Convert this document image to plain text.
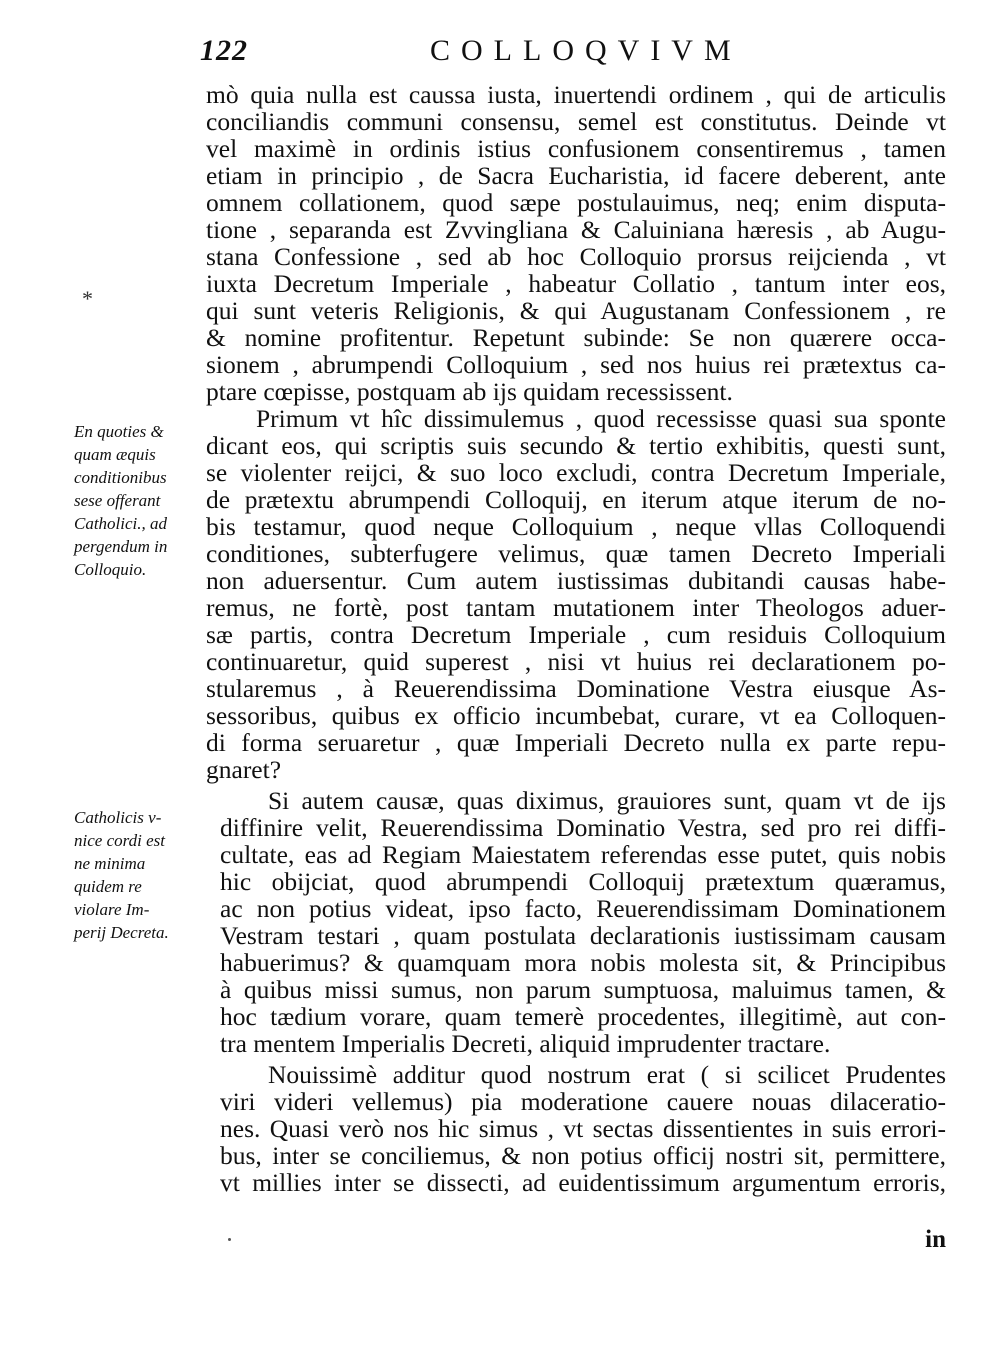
122	COLLOQVIVM
*
En quoties &
quam æquis
conditionibus
sese offerant
Catholici., ad
pergendum in
Colloquio.
Catholicis v-
nice cordi est
ne minima
quidem re
violare Im-
perij Decreta.
mò quia nulla est caussa iusta, inuertendi ordinem , qui de articulis
conciliandis communi consensu, semel est constitutus. Deinde vt
vel maximè in ordinis istius confusionem consentiremus , tamen
etiam in principio , de Sacra Eucharistia, id facere deberent, ante
omnem collationem, quod sæpe postulauimus, neq; enim disputa-
tione , separanda est Zvvingliana & Caluiniana hæresis , ab Augu-
stana Confessione , sed ab hoc Colloquio prorsus reijcienda , vt
iuxta Decretum Imperiale , habeatur Collatio , tantum inter eos,
qui sunt veteris Religionis, & qui Augustanam Confessionem , re
& nomine profitentur. Repetunt subinde: Se non quærere occa-
sionem , abrumpendi Colloquium , sed nos huius rei prætextus ca-
ptare cœpisse, postquam ab ijs quidam recessissent.
Primum vt hîc dissimulemus , quod recessisse quasi sua sponte
dicant eos, qui scriptis suis secundo & tertio exhibitis, questi sunt,
se violenter reijci, & suo loco excludi, contra Decretum Imperiale,
de prætextu abrumpendi Colloquij, en iterum atque iterum de no-
bis testamur, quod neque Colloquium , neque vllas Colloquendi
conditiones, subterfugere velimus, quæ tamen Decreto Imperiali
non aduersentur. Cum autem iustissimas dubitandi causas habe-
remus, ne fortè, post tantam mutationem inter Theologos aduer-
sæ partis, contra Decretum Imperiale , cum residuis Colloquium
continuaretur, quid superest , nisi vt huius rei declarationem po-
stularemus , à Reuerendissima Dominatione Vestra eiusque As-
sessoribus, quibus ex officio incumbebat, curare, vt ea Colloquen-
di forma seruaretur , quæ Imperiali Decreto nulla ex parte repu-
gnaret?
Si autem causæ, quas diximus, grauiores sunt, quam vt de ijs
diffinire velit, Reuerendissima Dominatio Vestra, sed pro rei diffi-
cultate, eas ad Regiam Maiestatem referendas esse putet, quis nobis
hic obijciat, quod abrumpendi Colloquij prætextum quæramus,
ac non potius videat, ipso facto, Reuerendissimam Dominationem
Vestram testari , quam postulata declarationis iustissimam causam
habuerimus? & quamquam mora nobis molesta sit, & Principibus
à quibus missi sumus, non parum sumptuosa, maluimus tamen, &
hoc tædium vorare, quam temerè procedentes, illegitimè, aut con-
tra mentem Imperialis Decreti, aliquid imprudenter tractare.
Nouissimè additur quod nostrum erat ( si scilicet Prudentes
viri videri vellemus) pia moderatione cauere nouas dilaceratio-
nes. Quasi verò nos hic simus , vt sectas dissentientes in suis errori-
bus, inter se conciliemus, & non potius officij nostri sit, permittere,
vt millies inter se dissecti, ad euidentissimum argumentum erroris,
in
